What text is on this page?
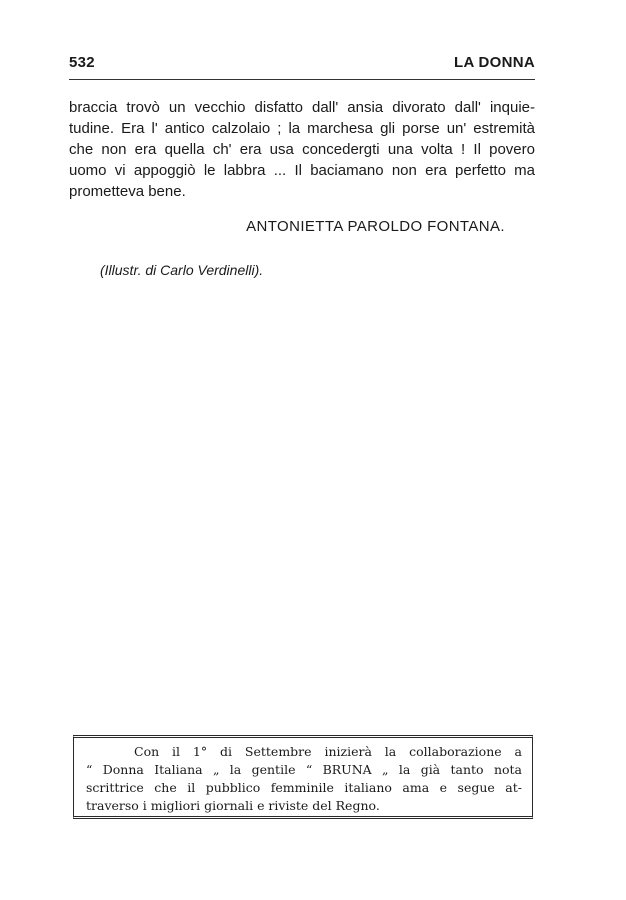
532	LA DONNA
braccia trovò un vecchio disfatto dall' ansia divorato dall' inquie-
tudine. Era l' antico calzolaio ; la marchesa gli porse un' estremità
che non era quella ch' era usa concedergti una volta ! Il povero
uomo vi appoggiò le labbra ... Il baciamano non era perfetto ma
prometteva bene.
ANTONIETTA PAROLDO FONTANA.
(Illustr. di Carlo Verdinelli).
Con il 1° di Settembre inizierà la collaborazione a
“ Donna Italiana „ la gentile “ BRUNA „ la già tanto nota
scrittrice che il pubblico femminile italiano ama e segue at-
traverso i migliori giornali e riviste del Regno.
